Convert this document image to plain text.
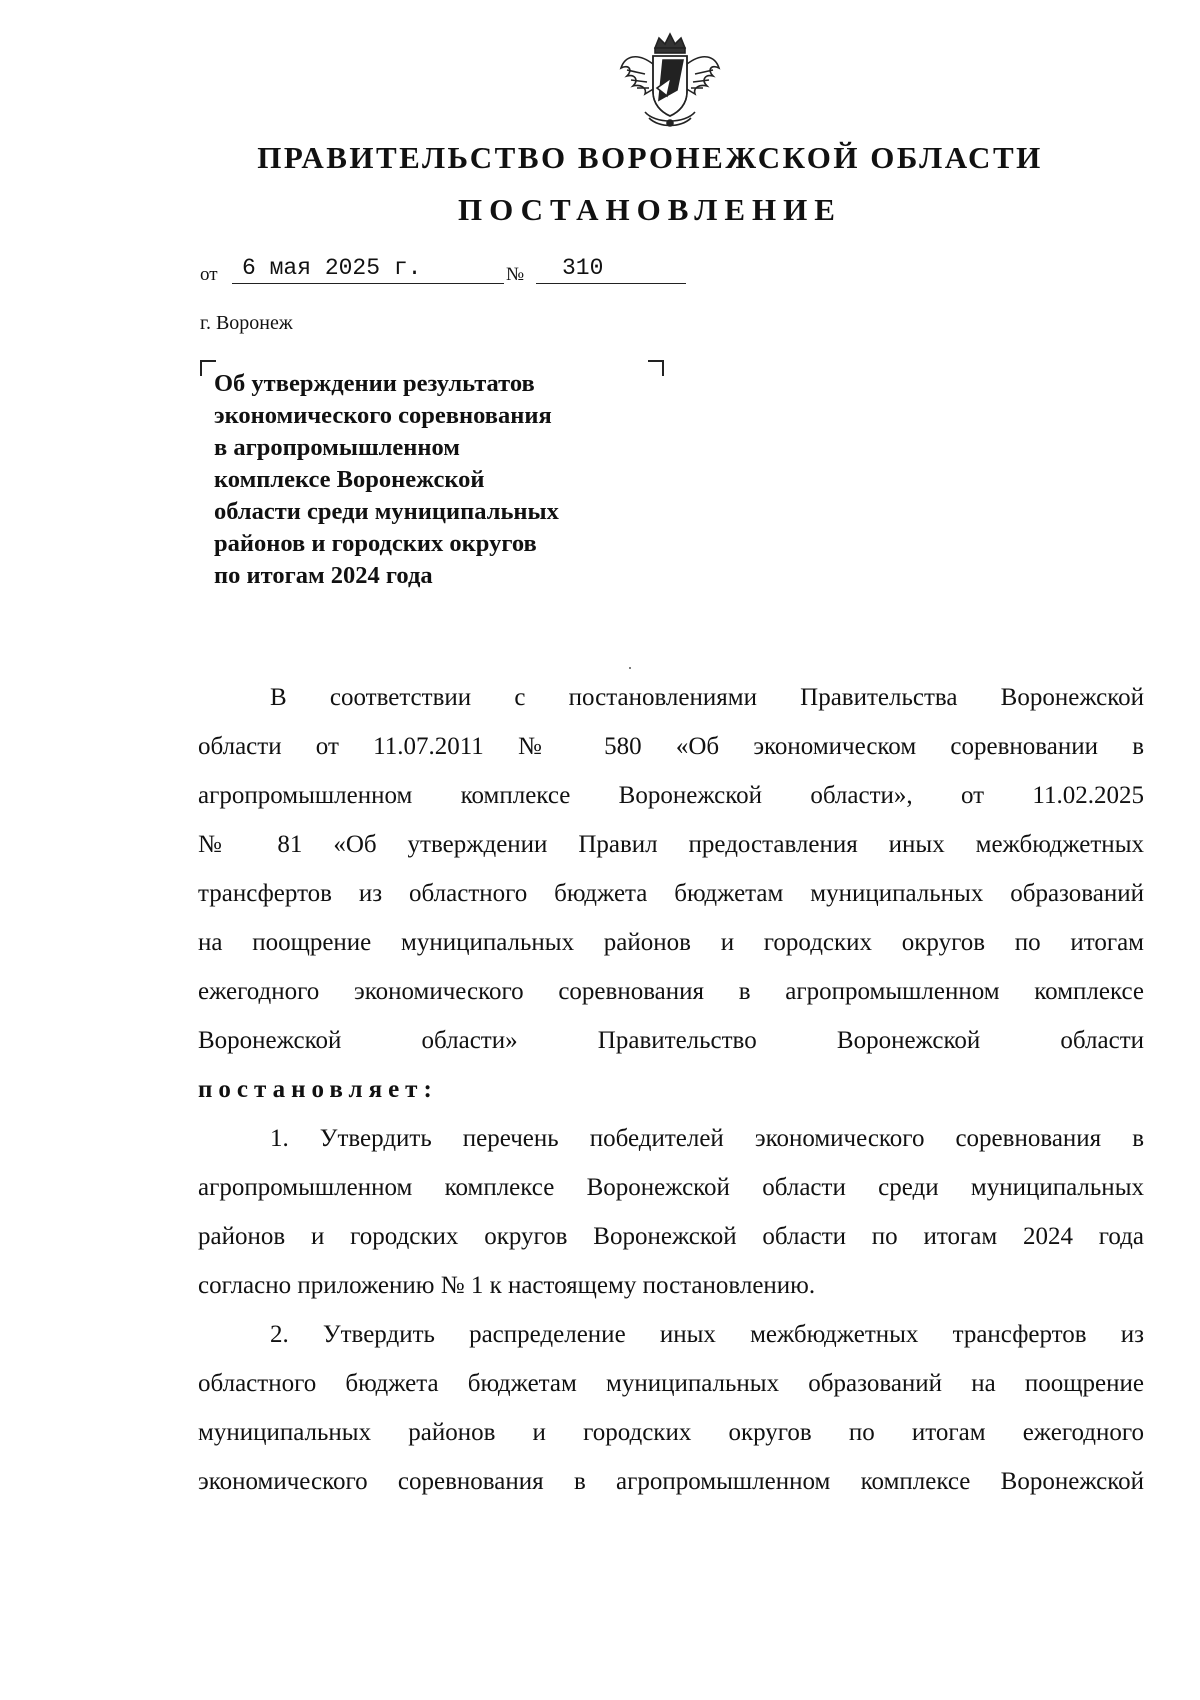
ПРАВИТЕЛЬСТВО ВОРОНЕЖСКОЙ ОБЛАСТИ
ПОСТАНОВЛЕНИЕ
от	6 мая 2025 г.	№	310
г. Воронеж
Об утверждении результатов
экономического соревнования
в агропромышленном
комплексе Воронежской
области среди муниципальных
районов и городских округов
по итогам 2024 года
В соответствии с постановлениями Правительства Воронежской
области от 11.07.2011 № 580 «Об экономическом соревновании в
агропромышленном комплексе Воронежской области», от 11.02.2025
№ 81 «Об утверждении Правил предоставления иных межбюджетных
трансфертов из областного бюджета бюджетам муниципальных образований
на поощрение муниципальных районов и городских округов по итогам
ежегодного экономического соревнования в агропромышленном комплексе
Воронежской области» Правительство Воронежской области
постановляет:
1. Утвердить перечень победителей экономического соревнования в
агропромышленном комплексе Воронежской области среди муниципальных
районов и городских округов Воронежской области по итогам 2024 года
согласно приложению № 1 к настоящему постановлению.
2. Утвердить распределение иных межбюджетных трансфертов из
областного бюджета бюджетам муниципальных образований на поощрение
муниципальных районов и городских округов по итогам ежегодного
экономического соревнования в агропромышленном комплексе Воронежской
